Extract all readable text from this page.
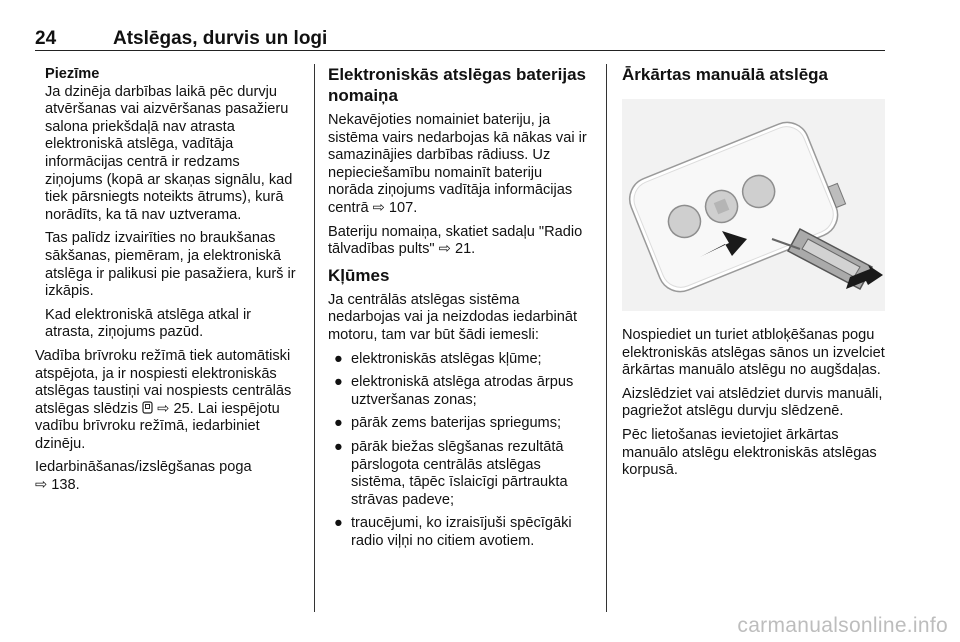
24	Atslēgas, durvis un logi
Piezīme

Ja dzinēja darbības laikā pēc durvju atvēršanas vai aizvēršanas pasažieru salona priekšdaļā nav atrasta elektroniskā atslēga, vadītāja informācijas centrā ir redzams ziņojums (kopā ar skaņas signālu, kad tiek pārsniegts noteikts ātrums), kurā norādīts, ka tā nav uztverama.

Tas palīdz izvairīties no braukšanas sākšanas, piemēram, ja elektroniskā atslēga ir palikusi pie pasažiera, kurš ir izkāpis.

Kad elektroniskā atslēga atkal ir atrasta, ziņojums pazūd.

Vadība brīvroku režīmā tiek automātiski atspējota, ja ir nospiesti elektroniskās atslēgas taustiņi vai nospiests centrālās atslēgas slēdzis ⇨ 25. Lai iespējotu vadību brīvroku režīmā, iedarbiniet dzinēju.

Iedarbināšanas/izslēgšanas poga
⇨ 138.

Elektroniskās atslēgas baterijas nomaiņa

Nekavējoties nomainiet bateriju, ja sistēma vairs nedarbojas kā nākas vai ir samazinājies darbības rādiuss. Uz nepieciešamību nomainīt bateriju norāda ziņojums vadītāja informācijas centrā ⇨ 107.

Bateriju nomaiņa, skatiet sadaļu "Radio tālvadības pults" ⇨ 21.

Kļūmes

Ja centrālās atslēgas sistēma nedarbojas vai ja neizdodas iedarbināt motoru, tam var būt šādi iemesli:

● elektroniskās atslēgas kļūme;
● elektroniskā atslēga atrodas ārpus uztveršanas zonas;
● pārāk zems baterijas spriegums;
● pārāk biežas slēgšanas rezultātā pārslogota centrālās atslēgas sistēma, tāpēc īslaicīgi pārtraukta strāvas padeve;
● traucējumi, ko izraisījuši spēcīgāki radio viļņi no citiem avotiem.
Ārkārtas manuālā atslēga

Nospiediet un turiet atbloķēšanas pogu elektroniskās atslēgas sānos un izvelciet ārkārtas manuālo atslēgu no augšdaļas.

Aizslēdziet vai atslēdziet durvis manuāli, pagriežot atslēgu durvju slēdzenē.

Pēc lietošanas ievietojiet ārkārtas manuālo atslēgu elektroniskās atslēgas korpusā.

carmanualsonline.info
